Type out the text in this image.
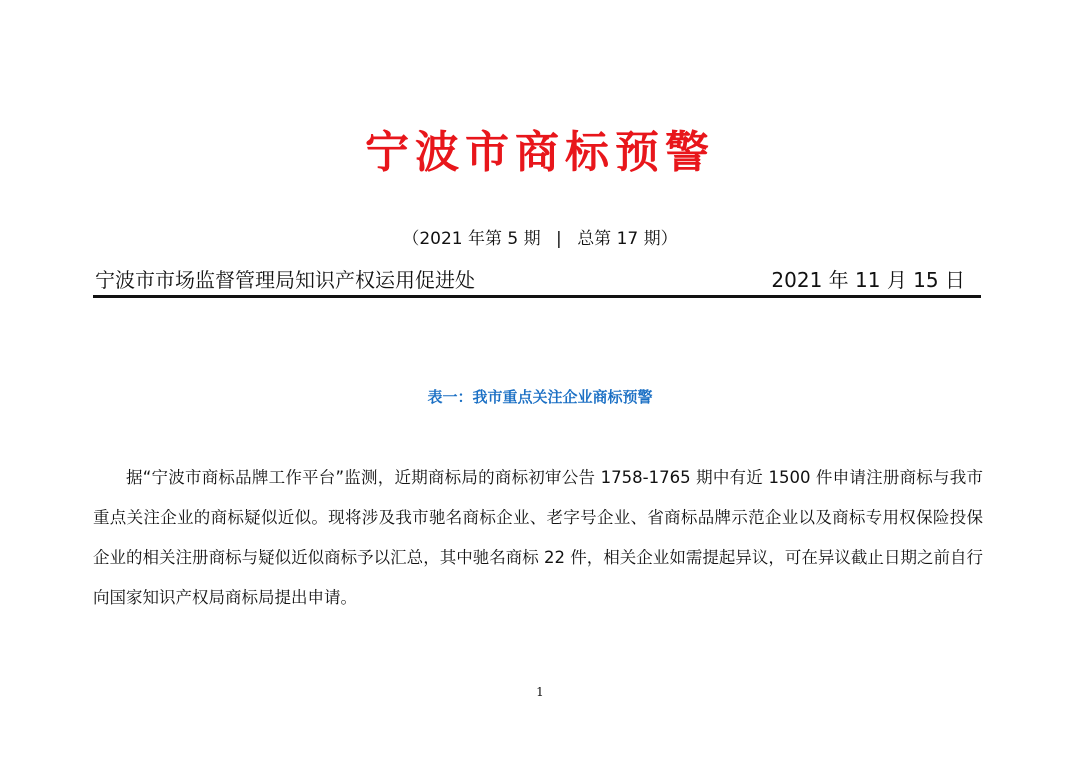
宁波市商标预警
（2021 年第 5 期 | 总第 17 期）
宁波市市场监督管理局知识产权运用促进处	2021 年 11 月 15 日
表一：我市重点关注企业商标预警

据“宁波市商标品牌工作平台”监测，近期商标局的商标初审公告 1758-1765 期中有近 1500 件申请注册商标与我市重点关注企业的商标疑似近似。现将涉及我市驰名商标企业、老字号企业、省商标品牌示范企业以及商标专用权保险投保企业的相关注册商标与疑似近似商标予以汇总，其中驰名商标 22 件，相关企业如需提起异议，可在异议截止日期之前自行向国家知识产权局商标局提出申请。

1
